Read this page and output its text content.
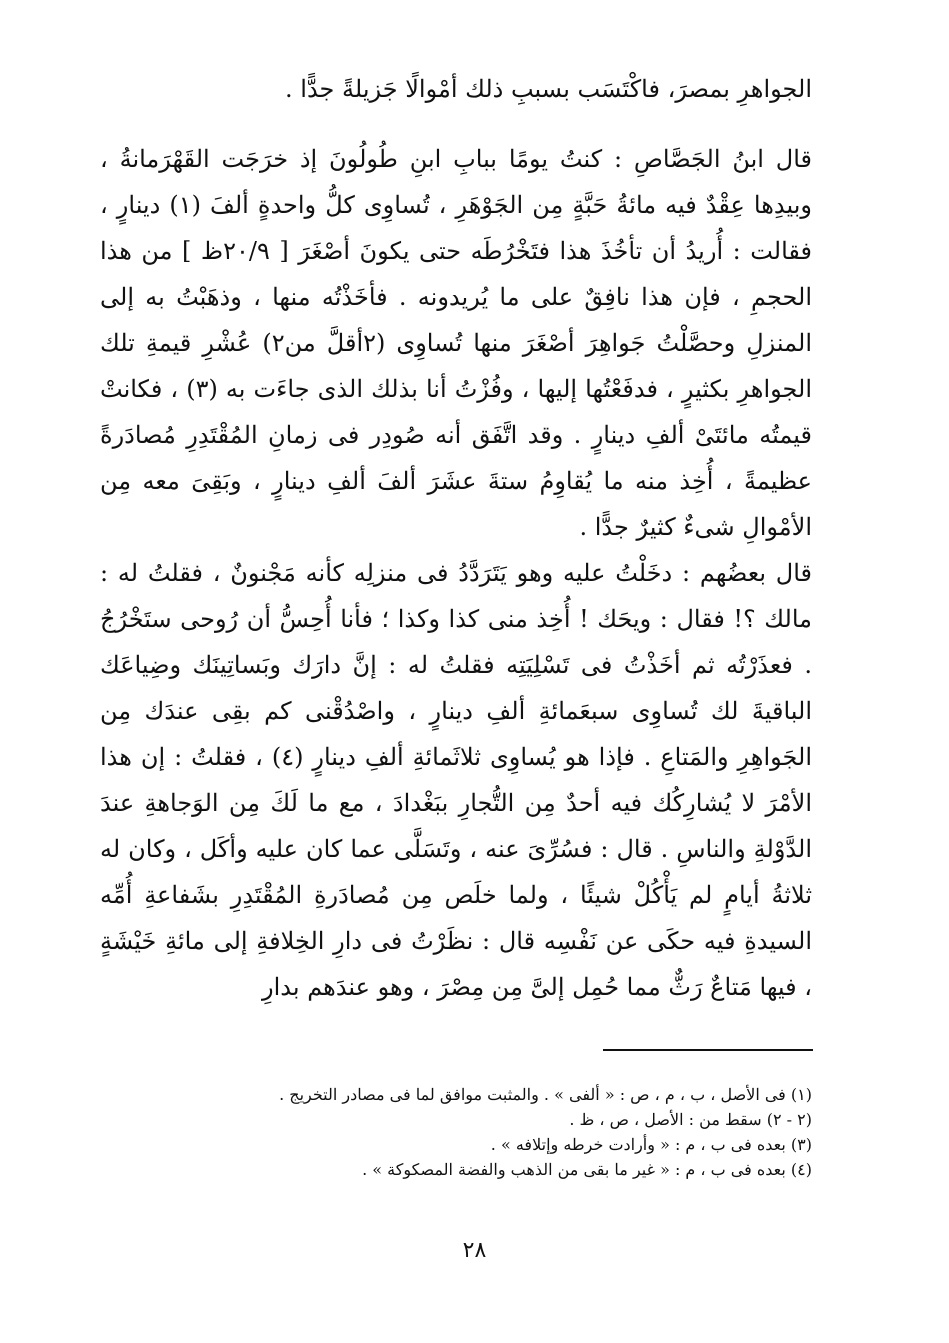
الجواهرِ بمصرَ، فاكْتَسَب بسببِ ذلك أمْوالًا جَزيلةً جدًّا .

قال ابنُ الجَصَّاصِ : كنتُ يومًا ببابِ ابنِ طُولُونَ إذ خرَجَت القَهْرَمانةُ ، وبيدِها عِقْدٌ فيه مائةُ حَبَّةٍ مِن الجَوْهَرِ ، تُساوِى كلُّ واحدةٍ ألفَ (١) دينارٍ ، فقالت : أُريدُ أن تأخُذَ هذا فتَخْرُطَه حتى يكونَ أصْغَرَ [ ٢٠/٩ظ ] من هذا الحجمِ ، فإن هذا نافِقٌ على ما يُريدونه . فأخَذْتُه منها ، وذهَبْتُ به إلى المنزلِ وحصَّلْتُ جَواهِرَ أصْغَرَ منها تُساوِى (٢أقلَّ من٢) عُشْرِ قيمةِ تلك الجواهرِ بكثيرٍ ، فدفَعْتُها إليها ، وفُزْتُ أنا بذلك الذى جاءَت به (٣) ، فكانتْ قيمتُه مائتَىْ ألفِ دينارٍ . وقد اتَّفَق أنه صُودِر فى زمانِ المُقْتَدِرِ مُصادَرةً عظيمةً ، أُخِذ منه ما يُقاوِمُ ستةَ عشَرَ ألفَ ألفِ دينارٍ ، وبَقِىَ معه مِن الأمْوالِ شىءٌ كثيرٌ جدًّا .

قال بعضُهم : دخَلْتُ عليه وهو يَتَرَدَّدُ فى منزلِه كأنه مَجْنونٌ ، فقلتُ له : مالك ؟! فقال : ويحَك ! أُخِذ منى كذا وكذا ؛ فأنا أُحِسُّ أن رُوحى ستَخْرُجُ . فعذَرْتُه ثم أخَذْتُ فى تَسْلِيَتِه فقلتُ له : إنَّ دارَك وبَساتِينَك وضِياعَك الباقيةَ لك تُساوِى سبعَمائةِ ألفِ دينارٍ ، واصْدُقْنى كم بقِى عندَك مِن الجَواهِرِ والمَتاعِ . فإذا هو يُساوِى ثلاثَمائةِ ألفِ دينارٍ (٤) ، فقلتُ : إن هذا الأمْرَ لا يُشارِكُك فيه أحدٌ مِن التُّجارِ ببَغْدادَ ، مع ما لَكَ مِن الوَجاهةِ عندَ الدَّوْلةِ والناسِ . قال : فسُرِّىَ عنه ، وتَسَلَّى عما كان عليه وأكَل ، وكان له ثلاثةُ أيامٍ لم يَأْكُلْ شيئًا ، ولما خلَص مِن مُصادَرةِ المُقْتَدِرِ بشَفاعةِ أُمِّه السيدةِ فيه حكَى عن نَفْسِه قال : نظَرْتُ فى دارِ الخِلافةِ إلى مائةِ خَيْشَةٍ ، فيها مَتاعٌ رَثٌّ مما حُمِل إلىَّ مِن مِصْرَ ، وهو عندَهم بدارِ

(١) فى الأصل ، ب ، م ، ص : « ألفى » . والمثبت موافق لما فى مصادر التخريج .
(٢ - ٢) سقط من : الأصل ، ص ، ظ .
(٣) بعده فى ب ، م : « وأرادت خرطه وإتلافه » .
(٤) بعده فى ب ، م : « غير ما بقى من الذهب والفضة المصكوكة » .
٢٨
